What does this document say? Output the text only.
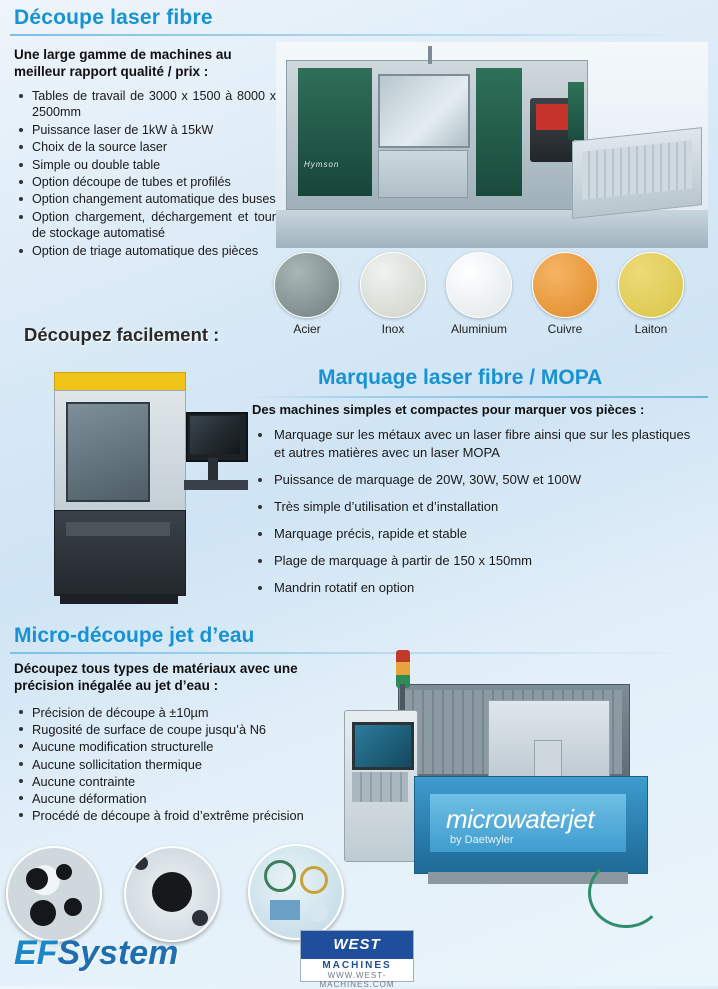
Découpe laser fibre
Une large gamme de machines au meilleur rapport qualité / prix :
Tables de travail de 3000 x 1500 à 8000 x 2500mm
Puissance laser de 1kW à 15kW
Choix de la source laser
Simple ou double table
Option découpe de tubes et profilés
Option changement automatique des buses
Option chargement, déchargement et tour de stockage automatisé
Option de triage automatique des pièces
Hymson
Découpez facilement :	Acier	Inox	Aluminium	Cuivre	Laiton
Marquage laser fibre / MOPA
Des machines simples et compactes pour marquer vos pièces :
Marquage sur les métaux avec un laser fibre ainsi que sur les plastiques et autres matières avec un laser MOPA
Puissance de marquage de 20W, 30W, 50W et 100W
Très simple d’utilisation et d’installation
Marquage précis, rapide et stable
Plage de marquage à partir de 150 x 150mm
Mandrin rotatif en option
Micro-découpe jet d’eau
Découpez tous types de matériaux avec une précision inégalée au jet d’eau :
Précision de découpe à ±10µm
Rugosité de surface de coupe jusqu’à N6
Aucune modification structurelle
Aucune sollicitation thermique
Aucune contrainte
Aucune déformation
Procédé de découpe à froid d’extrême précision	microwaterjet
by Daetwyler
EFSystem	WEST
MACHINES
WWW.WEST-MACHINES.COM
